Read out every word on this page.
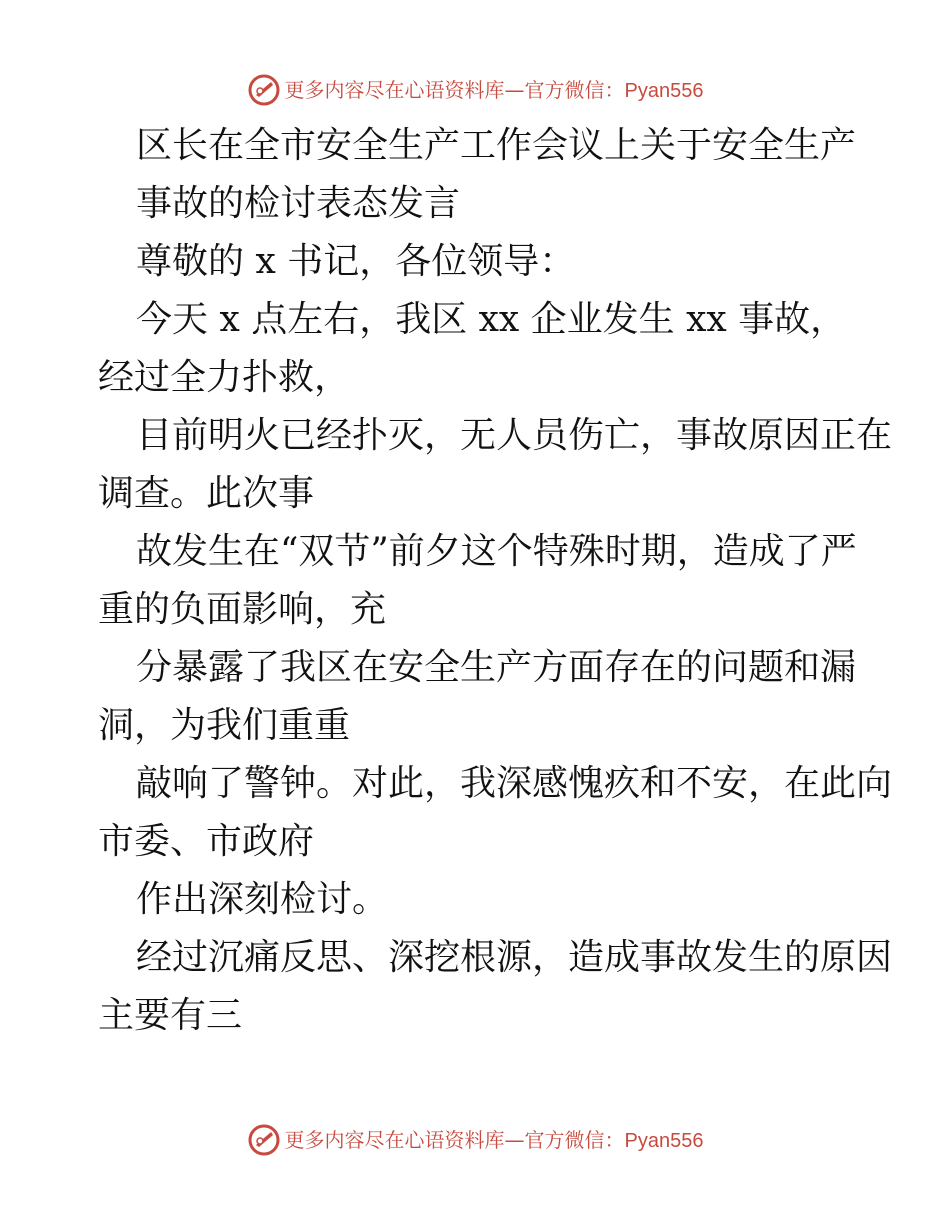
更多内容尽在心语资料库—官方微信：Pyan556
区长在全市安全生产工作会议上关于安全生产
事故的检讨表态发言
尊敬的 x 书记，各位领导：
今天 x 点左右，我区 xx 企业发生 xx 事故，
经过全力扑救，
目前明火已经扑灭，无人员伤亡，事故原因正在
调查。此次事
故发生在“双节”前夕这个特殊时期，造成了严
重的负面影响，充
分暴露了我区在安全生产方面存在的问题和漏
洞，为我们重重
敲响了警钟。对此，我深感愧疚和不安，在此向
市委、市政府
作出深刻检讨。
经过沉痛反思、深挖根源，造成事故发生的原因
主要有三
更多内容尽在心语资料库—官方微信：Pyan556
